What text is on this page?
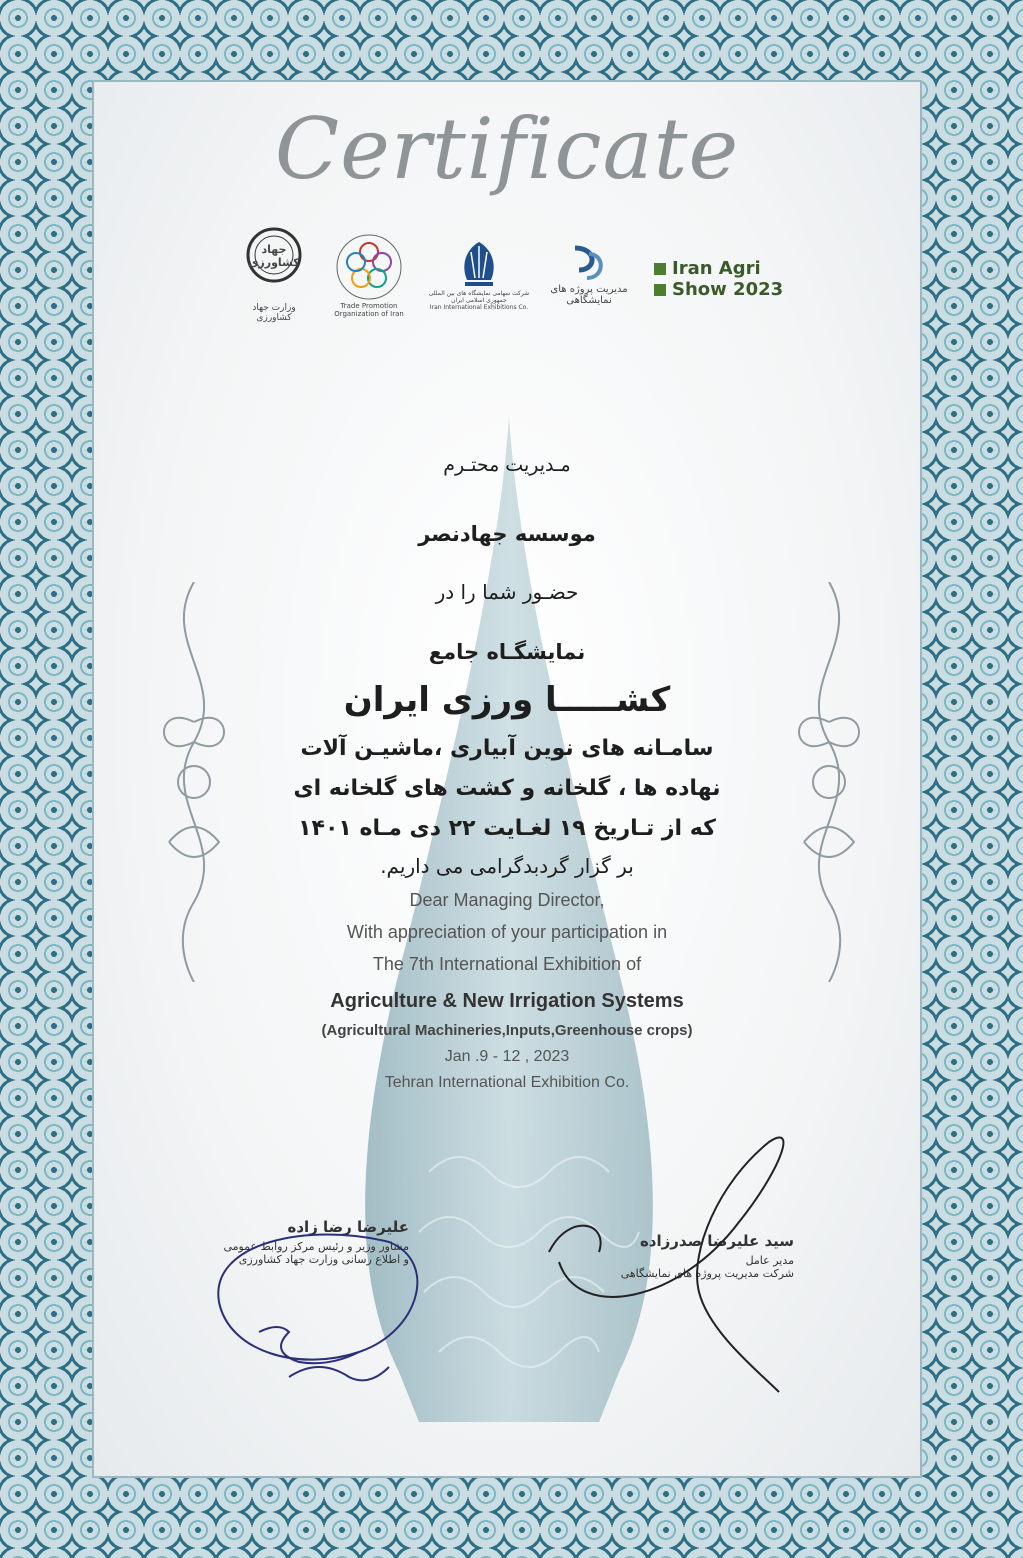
Certificate
جهاد کشاورزی
وزارت جهاد کشاورزی
Trade Promotion Organization of Iran
شرکت سهامی نمایشگاه های بین المللی جمهوری اسلامی ایران
Iran International Exhibitions Co.
مدیریت پروژه های نمایشگاهی
Iran Agri
Show 2023
مـدیریت محتـرم
موسسه جهادنصر
حضـور شما را در
نمایشگـاه جامع
کشـــــا ورزی ایران
سامـانه های نوین آبیاری ،ماشیـن آلات
نهاده ها ، گلخانه و کشت های گلخانه ای
که از تـاریخ ۱۹ لغـایت ۲۲ دی مـاه ۱۴۰۱
بر گزار گردبدگرامی می داریم.
Dear Managing Director,
With appreciation of your participation in
The 7th International Exhibition of
Agriculture & New Irrigation Systems
(Agricultural Machineries,Inputs,Greenhouse crops)
Jan .9 - 12 , 2023
Tehran International Exhibition Co.
علیرضا رضا زاده
مشاور وزیر و رئیس مرکز روابط عمومی
و اطلاع رسانی وزارت جهاد کشاورزی
سید علیرضا صدرزاده
مدیر عامل
شرکت مدیریت پروژه های نمایشگاهی
